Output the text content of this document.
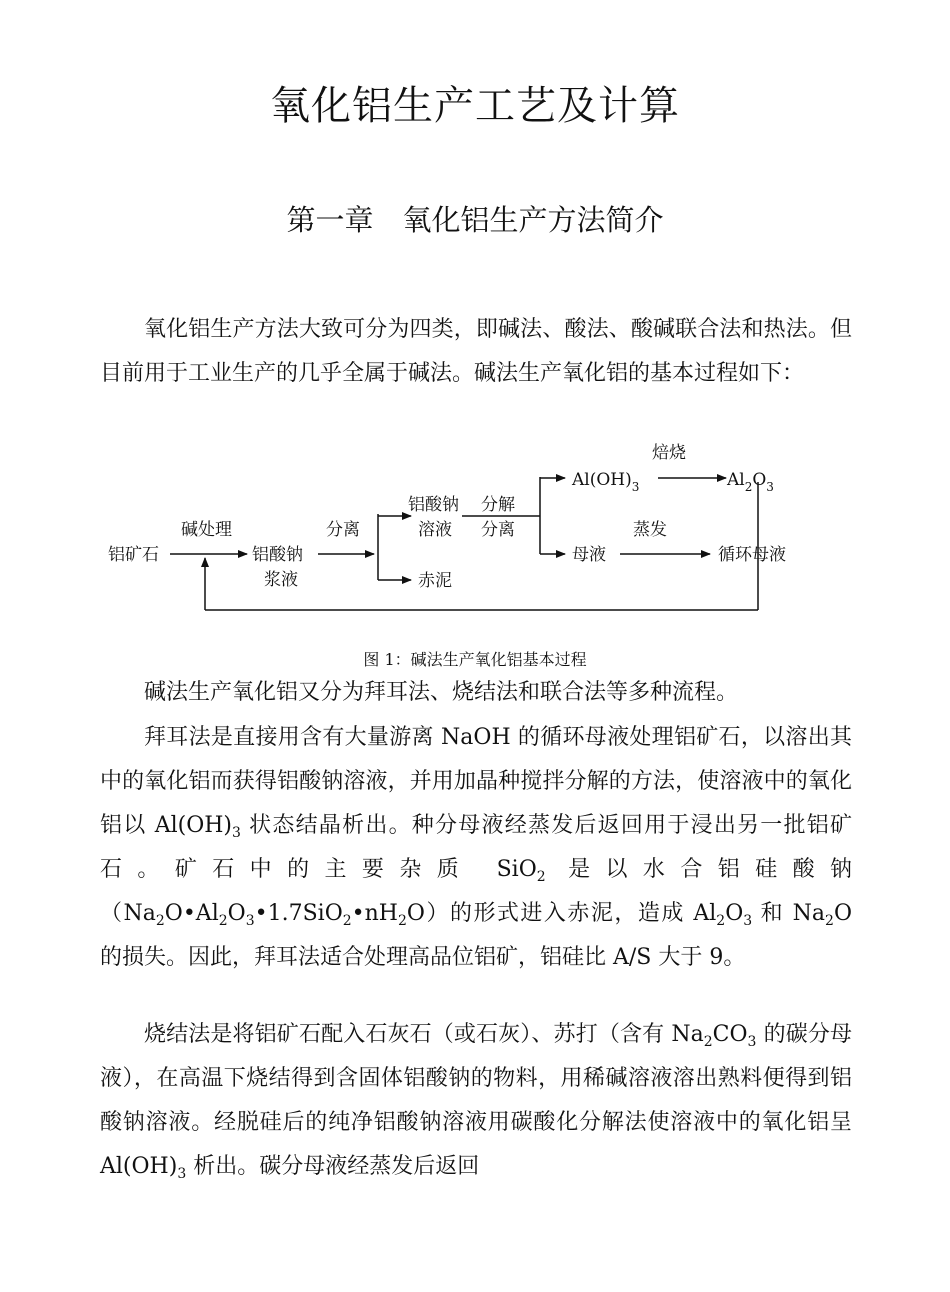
氧化铝生产工艺及计算
第一章　氧化铝生产方法简介

氧化铝生产方法大致可分为四类，即碱法、酸法、酸碱联合法和热法。但目前用于工业生产的几乎全属于碱法。碱法生产氧化铝的基本过程如下：

铝矿石	铝酸钠
浆液
铝酸钠
溶液
赤泥
$Al(OH)_3$	$Al_2O_3$
母液	循环母液
碱处理	分离
分解
分离
焙烧
蒸发
图 1：碱法生产氧化铝基本过程

碱法生产氧化铝又分为拜耳法、烧结法和联合法等多种流程。

拜耳法是直接用含有大量游离 NaOH 的循环母液处理铝矿石，以溶出其中的氧化铝而获得铝酸钠溶液，并用加晶种搅拌分解的方法，使溶液中的氧化铝以 $Al(OH)_3$ 状态结晶析出。种分母液经蒸发后返回用于浸出另一批铝矿石。矿石中的主要杂质 SiO$_2$ 是以水合铝硅酸钠$(Na_2O•Al_2O_3•1.7SiO_2•nH_2O)$的形式进入赤泥，造成 $Al_2O_3$ 和 $Na_2O$ 的损失。因此，拜耳法适合处理高品位铝矿，铝硅比 A/S 大于 9。

烧结法是将铝矿石配入石灰石（或石灰）、苏打（含有 $Na_2CO_3$ 的碳分母液），在高温下烧结得到含固体铝酸钠的物料，用稀碱溶液溶出熟料便得到铝酸钠溶液。经脱硅后的纯净铝酸钠溶液用碳酸化分解法使溶液中的氧化铝呈 $Al(OH)_3$ 析出。碳分母液经蒸发后返回
